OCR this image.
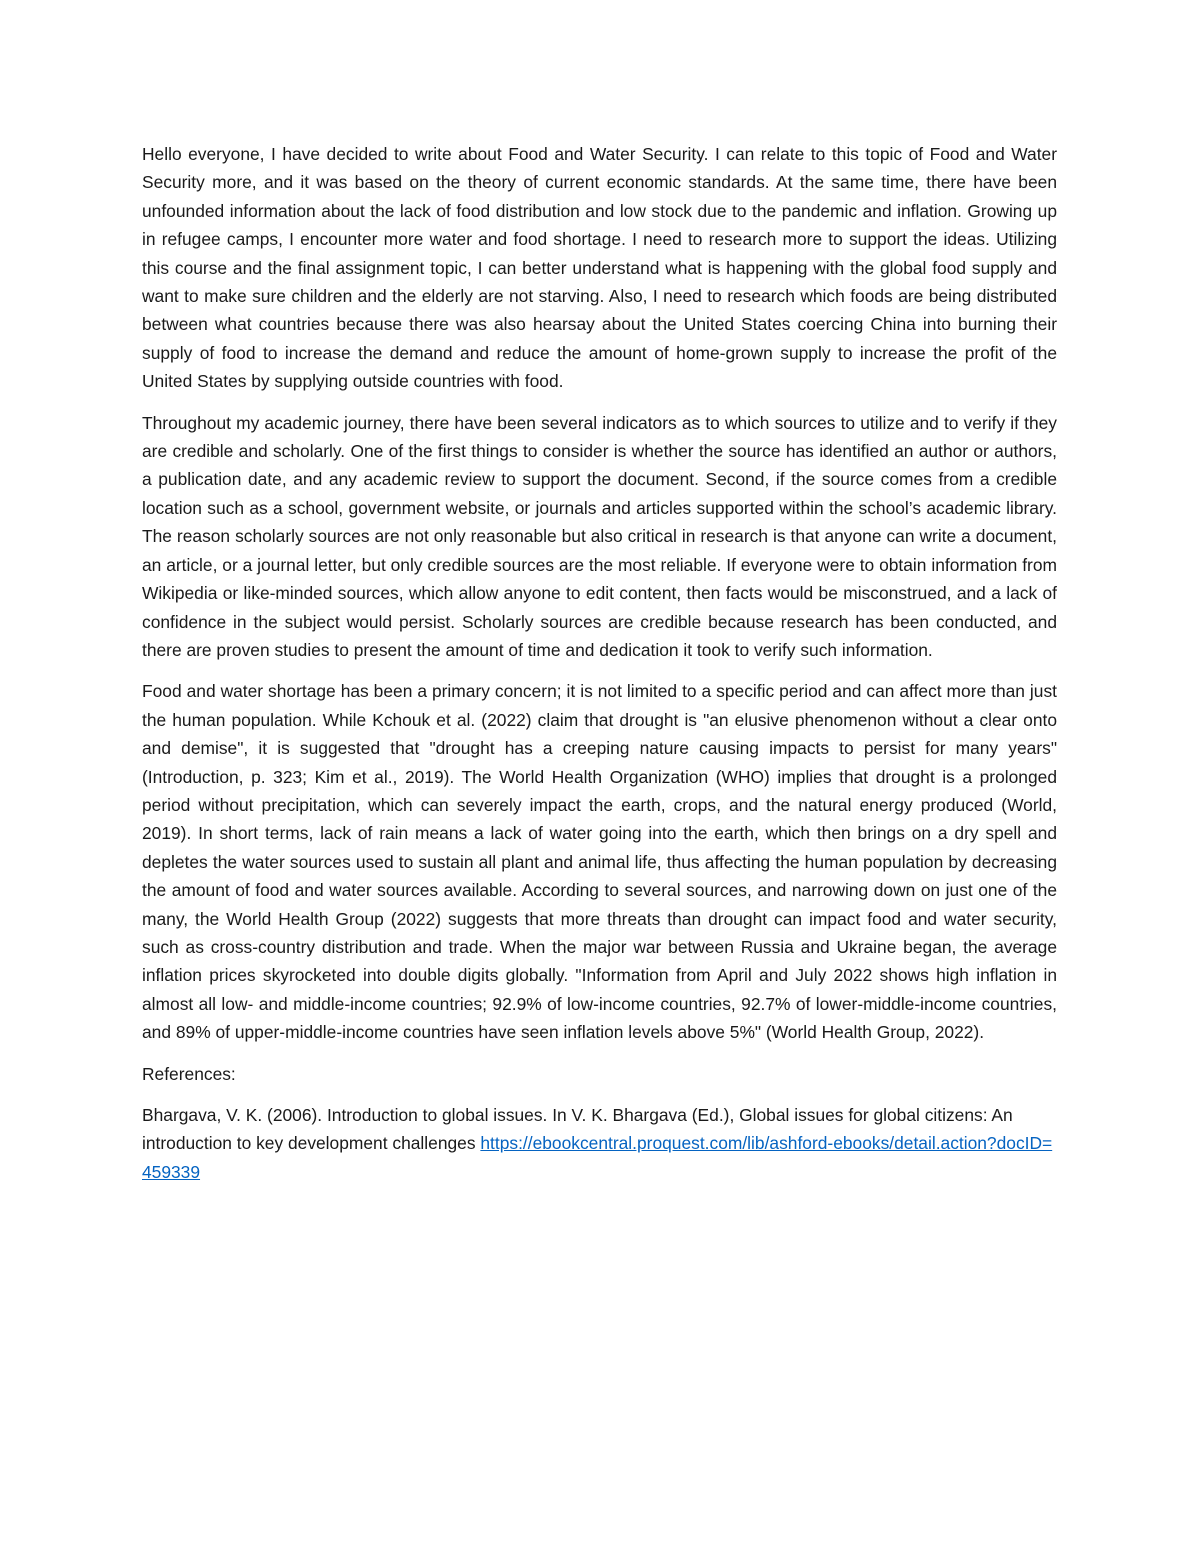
Hello everyone, I have decided to write about Food and Water Security. I can relate to this topic of Food and Water Security more, and it was based on the theory of current economic standards. At the same time, there have been unfounded information about the lack of food distribution and low stock due to the pandemic and inflation. Growing up in refugee camps, I encounter more water and food shortage. I need to research more to support the ideas. Utilizing this course and the final assignment topic, I can better understand what is happening with the global food supply and want to make sure children and the elderly are not starving. Also, I need to research which foods are being distributed between what countries because there was also hearsay about the United States coercing China into burning their supply of food to increase the demand and reduce the amount of home-grown supply to increase the profit of the United States by supplying outside countries with food.

Throughout my academic journey, there have been several indicators as to which sources to utilize and to verify if they are credible and scholarly. One of the first things to consider is whether the source has identified an author or authors, a publication date, and any academic review to support the document. Second, if the source comes from a credible location such as a school, government website, or journals and articles supported within the school’s academic library. The reason scholarly sources are not only reasonable but also critical in research is that anyone can write a document, an article, or a journal letter, but only credible sources are the most reliable. If everyone were to obtain information from Wikipedia or like-minded sources, which allow anyone to edit content, then facts would be misconstrued, and a lack of confidence in the subject would persist. Scholarly sources are credible because research has been conducted, and there are proven studies to present the amount of time and dedication it took to verify such information.

Food and water shortage has been a primary concern; it is not limited to a specific period and can affect more than just the human population. While Kchouk et al. (2022) claim that drought is "an elusive phenomenon without a clear onto and demise", it is suggested that "drought has a creeping nature causing impacts to persist for many years" (Introduction, p. 323; Kim et al., 2019). The World Health Organization (WHO) implies that drought is a prolonged period without precipitation, which can severely impact the earth, crops, and the natural energy produced (World, 2019). In short terms, lack of rain means a lack of water going into the earth, which then brings on a dry spell and depletes the water sources used to sustain all plant and animal life, thus affecting the human population by decreasing the amount of food and water sources available. According to several sources, and narrowing down on just one of the many, the World Health Group (2022) suggests that more threats than drought can impact food and water security, such as cross-country distribution and trade. When the major war between Russia and Ukraine began, the average inflation prices skyrocketed into double digits globally. "Information from April and July 2022 shows high inflation in almost all low- and middle-income countries; 92.9% of low-income countries, 92.7% of lower-middle-income countries, and 89% of upper-middle-income countries have seen inflation levels above 5%" (World Health Group, 2022).

References:

Bhargava, V. K. (2006). Introduction to global issues. In V. K. Bhargava (Ed.), Global issues for global citizens: An introduction to key development challenges https://ebookcentral.proquest.com/lib/ashford-ebooks/detail.action?docID=459339
